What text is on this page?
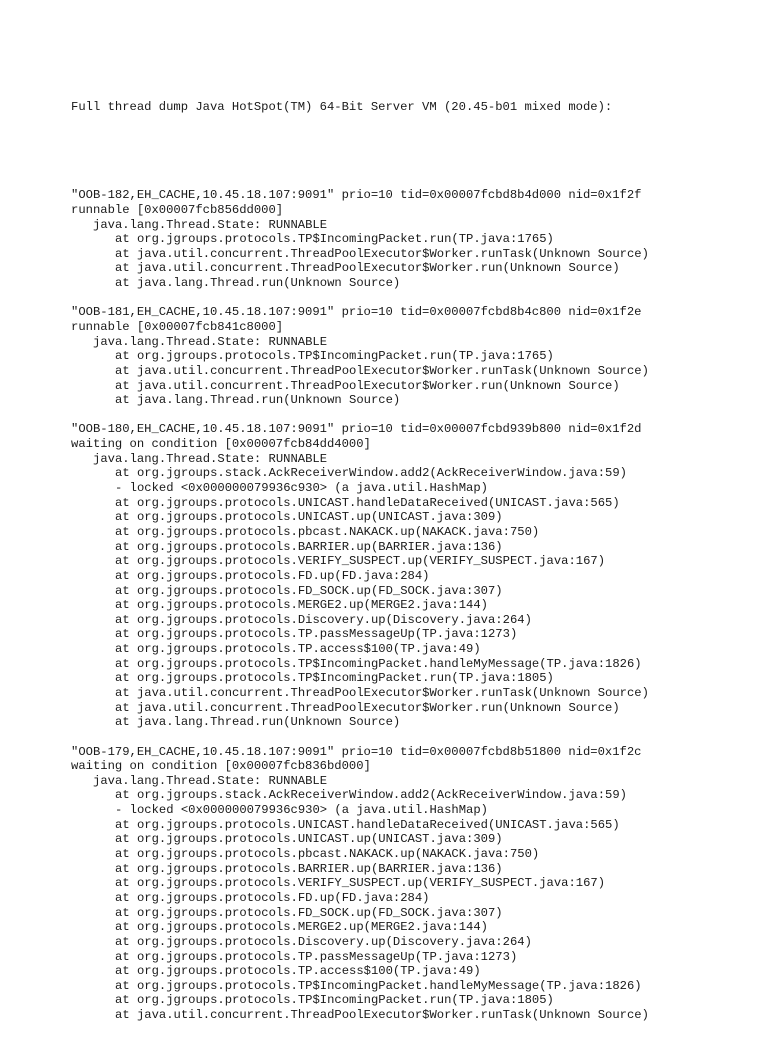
Full thread dump Java HotSpot(TM) 64-Bit Server VM (20.45-b01 mixed mode):

"OOB-182,EH_CACHE,10.45.18.107:9091" prio=10 tid=0x00007fcbd8b4d000 nid=0x1f2f
runnable [0x00007fcb856dd000]
java.lang.Thread.State: RUNNABLE
at org.jgroups.protocols.TP$IncomingPacket.run(TP.java:1765)
at java.util.concurrent.ThreadPoolExecutor$Worker.runTask(Unknown Source)
at java.util.concurrent.ThreadPoolExecutor$Worker.run(Unknown Source)
at java.lang.Thread.run(Unknown Source)
"OOB-181,EH_CACHE,10.45.18.107:9091" prio=10 tid=0x00007fcbd8b4c800 nid=0x1f2e
runnable [0x00007fcb841c8000]
java.lang.Thread.State: RUNNABLE
at org.jgroups.protocols.TP$IncomingPacket.run(TP.java:1765)
at java.util.concurrent.ThreadPoolExecutor$Worker.runTask(Unknown Source)
at java.util.concurrent.ThreadPoolExecutor$Worker.run(Unknown Source)
at java.lang.Thread.run(Unknown Source)
"OOB-180,EH_CACHE,10.45.18.107:9091" prio=10 tid=0x00007fcbd939b800 nid=0x1f2d
waiting on condition [0x00007fcb84dd4000]
java.lang.Thread.State: RUNNABLE
at org.jgroups.stack.AckReceiverWindow.add2(AckReceiverWindow.java:59)
- locked <0x000000079936c930> (a java.util.HashMap)
at org.jgroups.protocols.UNICAST.handleDataReceived(UNICAST.java:565)
at org.jgroups.protocols.UNICAST.up(UNICAST.java:309)
at org.jgroups.protocols.pbcast.NAKACK.up(NAKACK.java:750)
at org.jgroups.protocols.BARRIER.up(BARRIER.java:136)
at org.jgroups.protocols.VERIFY_SUSPECT.up(VERIFY_SUSPECT.java:167)
at org.jgroups.protocols.FD.up(FD.java:284)
at org.jgroups.protocols.FD_SOCK.up(FD_SOCK.java:307)
at org.jgroups.protocols.MERGE2.up(MERGE2.java:144)
at org.jgroups.protocols.Discovery.up(Discovery.java:264)
at org.jgroups.protocols.TP.passMessageUp(TP.java:1273)
at org.jgroups.protocols.TP.access$100(TP.java:49)
at org.jgroups.protocols.TP$IncomingPacket.handleMyMessage(TP.java:1826)
at org.jgroups.protocols.TP$IncomingPacket.run(TP.java:1805)
at java.util.concurrent.ThreadPoolExecutor$Worker.runTask(Unknown Source)
at java.util.concurrent.ThreadPoolExecutor$Worker.run(Unknown Source)
at java.lang.Thread.run(Unknown Source)
"OOB-179,EH_CACHE,10.45.18.107:9091" prio=10 tid=0x00007fcbd8b51800 nid=0x1f2c
waiting on condition [0x00007fcb836bd000]
java.lang.Thread.State: RUNNABLE
at org.jgroups.stack.AckReceiverWindow.add2(AckReceiverWindow.java:59)
- locked <0x000000079936c930> (a java.util.HashMap)
at org.jgroups.protocols.UNICAST.handleDataReceived(UNICAST.java:565)
at org.jgroups.protocols.UNICAST.up(UNICAST.java:309)
at org.jgroups.protocols.pbcast.NAKACK.up(NAKACK.java:750)
at org.jgroups.protocols.BARRIER.up(BARRIER.java:136)
at org.jgroups.protocols.VERIFY_SUSPECT.up(VERIFY_SUSPECT.java:167)
at org.jgroups.protocols.FD.up(FD.java:284)
at org.jgroups.protocols.FD_SOCK.up(FD_SOCK.java:307)
at org.jgroups.protocols.MERGE2.up(MERGE2.java:144)
at org.jgroups.protocols.Discovery.up(Discovery.java:264)
at org.jgroups.protocols.TP.passMessageUp(TP.java:1273)
at org.jgroups.protocols.TP.access$100(TP.java:49)
at org.jgroups.protocols.TP$IncomingPacket.handleMyMessage(TP.java:1826)
at org.jgroups.protocols.TP$IncomingPacket.run(TP.java:1805)
at java.util.concurrent.ThreadPoolExecutor$Worker.runTask(Unknown Source)
